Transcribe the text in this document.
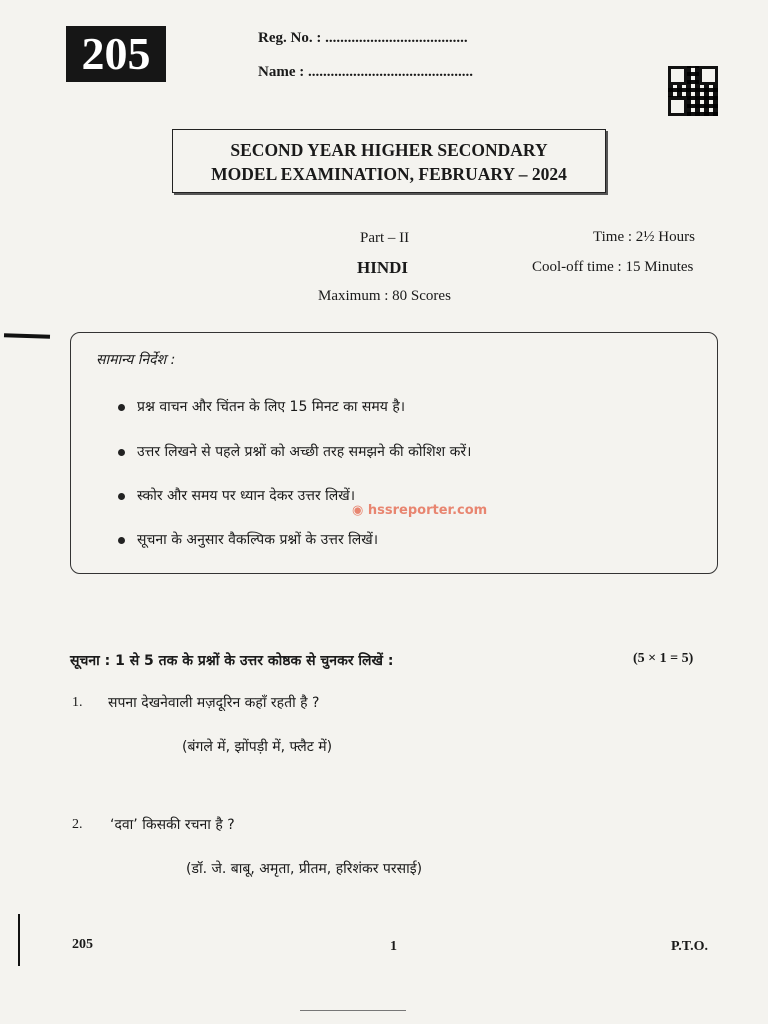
205	Reg. No. : ......................................
Name : ............................................
SECOND YEAR HIGHER SECONDARY
MODEL EXAMINATION, FEBRUARY – 2024
Part – II
HINDI
Maximum : 80 Scores
Time : 2½ Hours
Cool-off time : 15 Minutes
सामान्य निर्देश :
प्रश्न वाचन और चिंतन के लिए 15 मिनट का समय है।
उत्तर लिखने से पहले प्रश्नों को अच्छी तरह समझने की कोशिश करें।
स्कोर और समय पर ध्यान देकर उत्तर लिखें।
सूचना के अनुसार वैकल्पिक प्रश्नों के उत्तर लिखें।
◉ hssreporter.com
सूचना : 1 से 5 तक के प्रश्नों के उत्तर कोष्ठक से चुनकर लिखें :	(5 × 1 = 5)
1. सपना देखनेवाली मज़दूरिन कहाँ रहती है ?
(बंगले में, झोंपड़ी में, फ्लैट में)
2. ‘दवा’ किसकी रचना है ?
(डॉ. जे. बाबू, अमृता, प्रीतम, हरिशंकर परसाई)
205	1	P.T.O.
